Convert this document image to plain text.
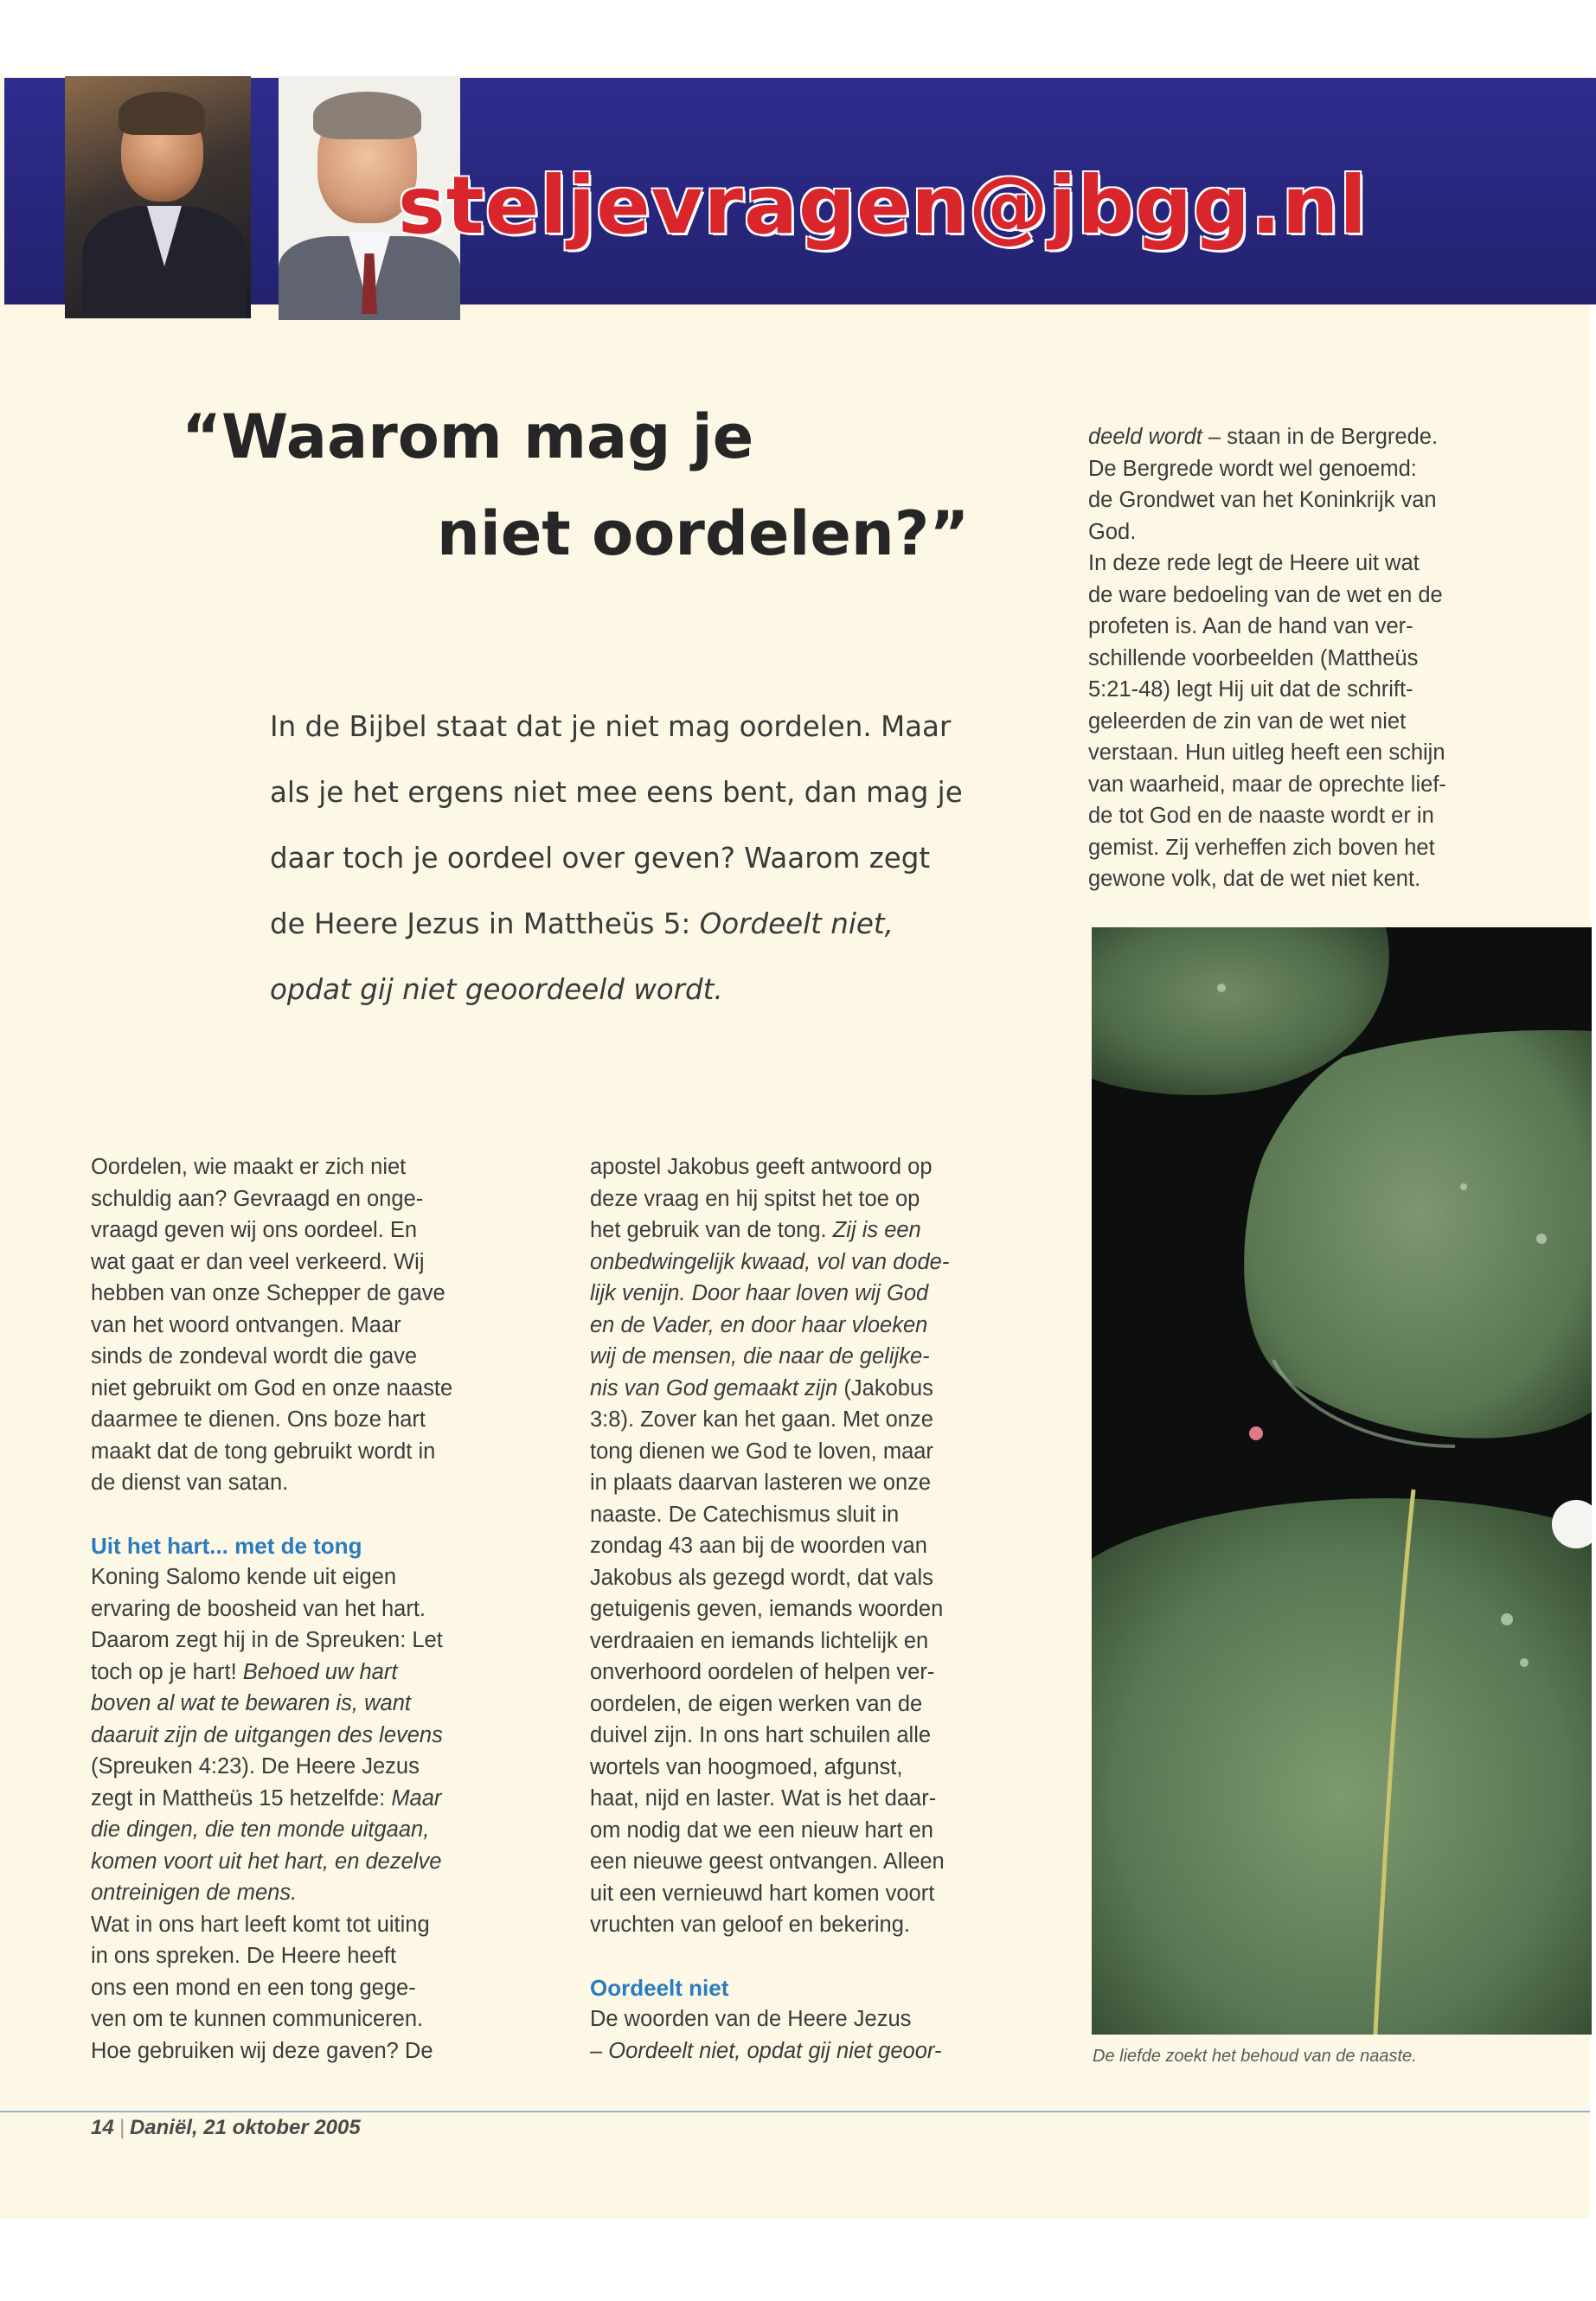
steljevragen@jbgg.nl
“Waarom mag je
niet oordelen?”

In de Bijbel staat dat je niet mag oordelen. Maar

als je het ergens niet mee eens bent, dan mag je

daar toch je oordeel over geven? Waarom zegt

de Heere Jezus in Mattheüs 5: Oordeelt niet,

opdat gij niet geoordeeld wordt.

Oordelen, wie maakt er zich niet

schuldig aan? Gevraagd en onge-

vraagd geven wij ons oordeel. En

wat gaat er dan veel verkeerd. Wij

hebben van onze Schepper de gave

van het woord ontvangen. Maar

sinds de zondeval wordt die gave

niet gebruikt om God en onze naaste

daarmee te dienen. Ons boze hart

maakt dat de tong gebruikt wordt in

de dienst van satan.

Uit het hart... met de tong

Koning Salomo kende uit eigen

ervaring de boosheid van het hart.

Daarom zegt hij in de Spreuken: Let

toch op je hart! Behoed uw hart

boven al wat te bewaren is, want

daaruit zijn de uitgangen des levens

(Spreuken 4:23). De Heere Jezus

zegt in Mattheüs 15 hetzelfde: Maar

die dingen, die ten monde uitgaan,

komen voort uit het hart, en dezelve

ontreinigen de mens.

Wat in ons hart leeft komt tot uiting

in ons spreken. De Heere heeft

ons een mond en een tong gege-

ven om te kunnen communiceren.

Hoe gebruiken wij deze gaven? De

apostel Jakobus geeft antwoord op

deze vraag en hij spitst het toe op

het gebruik van de tong. Zij is een

onbedwingelijk kwaad, vol van dode-

lijk venijn. Door haar loven wij God

en de Vader, en door haar vloeken

wij de mensen, die naar de gelijke-

nis van God gemaakt zijn (Jakobus

3:8). Zover kan het gaan. Met onze

tong dienen we God te loven, maar

in plaats daarvan lasteren we onze

naaste. De Catechismus sluit in

zondag 43 aan bij de woorden van

Jakobus als gezegd wordt, dat vals

getuigenis geven, iemands woorden

verdraaien en iemands lichtelijk en

onverhoord oordelen of helpen ver-

oordelen, de eigen werken van de

duivel zijn. In ons hart schuilen alle

wortels van hoogmoed, afgunst,

haat, nijd en laster. Wat is het daar-

om nodig dat we een nieuw hart en

een nieuwe geest ontvangen. Alleen

uit een vernieuwd hart komen voort

vruchten van geloof en bekering.

Oordeelt niet

De woorden van de Heere Jezus

– Oordeelt niet, opdat gij niet geoor-

deeld wordt – staan in de Bergrede.

De Bergrede wordt wel genoemd:

de Grondwet van het Koninkrijk van

God.

In deze rede legt de Heere uit wat

de ware bedoeling van de wet en de

profeten is. Aan de hand van ver-

schillende voorbeelden (Mattheüs

5:21-48) legt Hij uit dat de schrift-

geleerden de zin van de wet niet

verstaan. Hun uitleg heeft een schijn

van waarheid, maar de oprechte lief-

de tot God en de naaste wordt er in

gemist. Zij verheffen zich boven het

gewone volk, dat de wet niet kent.

De liefde zoekt het behoud van de naaste.
14 | Daniël, 21 oktober 2005
